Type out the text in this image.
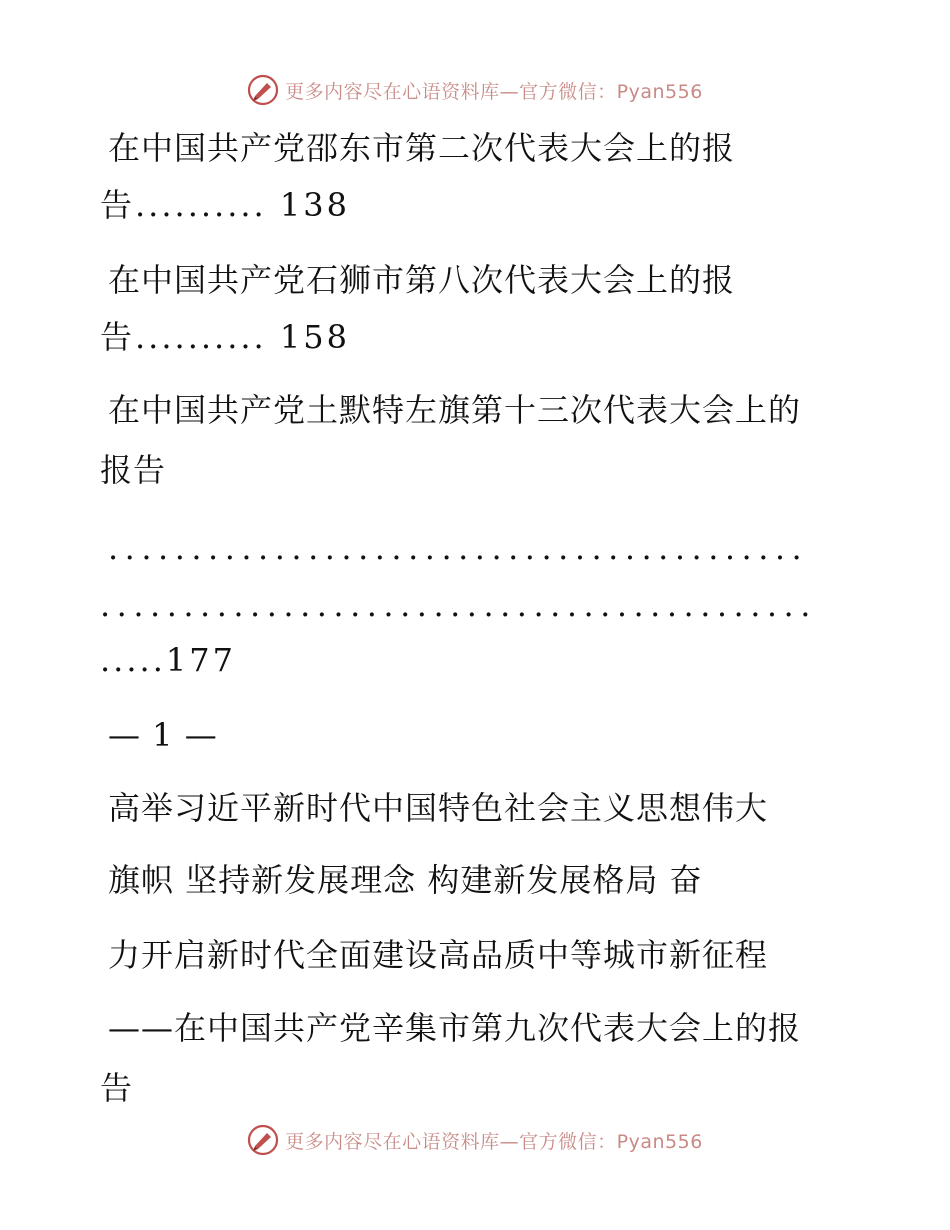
更多内容尽在心语资料库—官方微信：Pyan556
在中国共产党邵东市第二次代表大会上的报
告.......... 138
在中国共产党石狮市第八次代表大会上的报
告.......... 158
在中国共产党土默特左旗第十三次代表大会上的
报告
..........................................
...........................................
.....177
— 1 —
高举习近平新时代中国特色社会主义思想伟大
旗帜 坚持新发展理念 构建新发展格局 奋
力开启新时代全面建设高品质中等城市新征程
——在中国共产党辛集市第九次代表大会上的报
告
更多内容尽在心语资料库—官方微信：Pyan556
